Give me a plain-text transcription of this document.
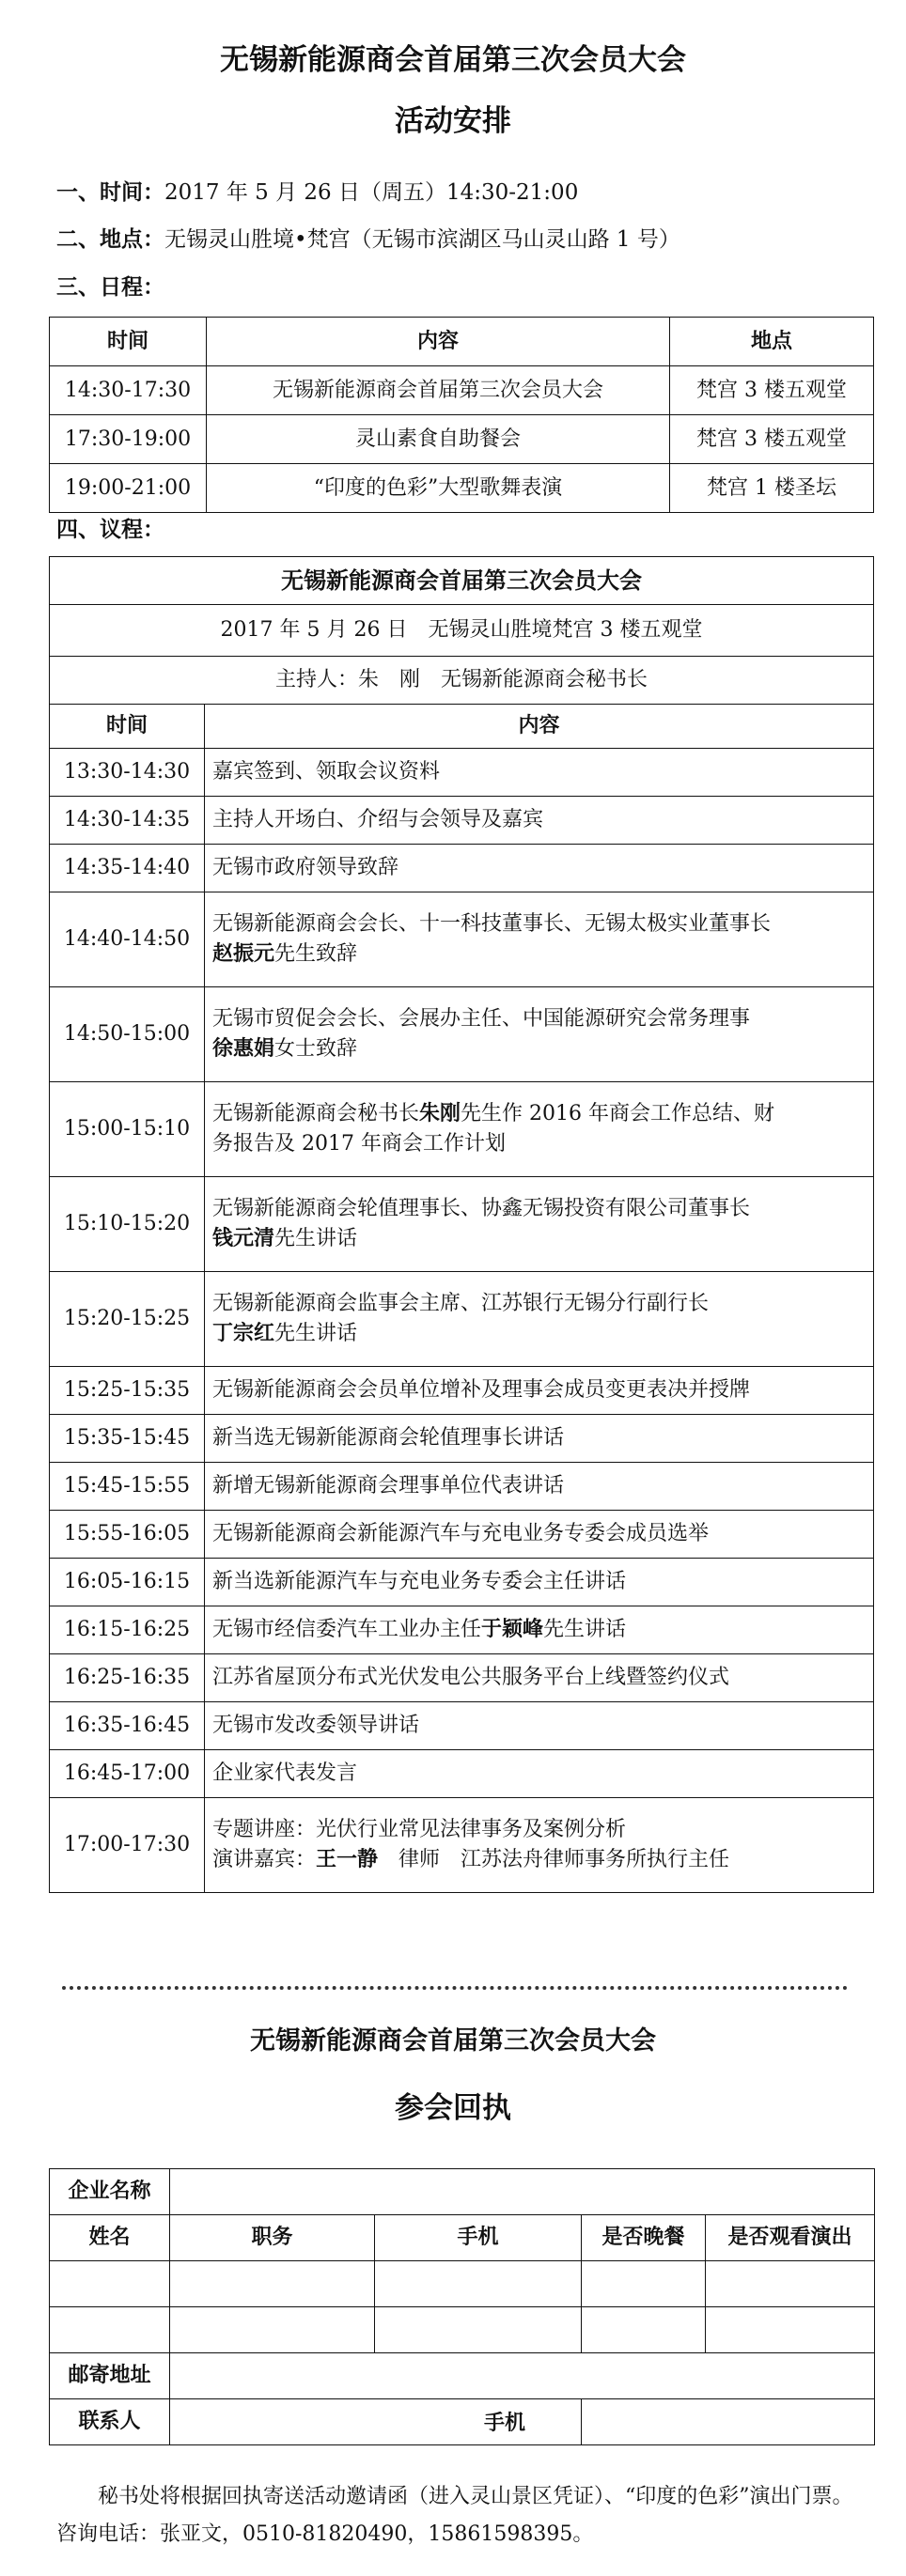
无锡新能源商会首届第三次会员大会
活动安排
一、时间：2017 年 5 月 26 日（周五）14:30-21:00
二、地点：无锡灵山胜境•梵宫（无锡市滨湖区马山灵山路 1 号）
三、日程：
时间	内容	地点
14:30-17:30	无锡新能源商会首届第三次会员大会	梵宫 3 楼五观堂
17:30-19:00	灵山素食自助餐会	梵宫 3 楼五观堂
19:00-21:00	“印度的色彩”大型歌舞表演	梵宫 1 楼圣坛
四、议程：
无锡新能源商会首届第三次会员大会	
2017 年 5 月 26 日　无锡灵山胜境梵宫 3 楼五观堂	
主持人：朱　刚　无锡新能源商会秘书长	
时间	内容
13:30-14:30	嘉宾签到、领取会议资料
14:30-14:35	主持人开场白、介绍与会领导及嘉宾
14:35-14:40	无锡市政府领导致辞
14:40-14:50	无锡新能源商会会长、十一科技董事长、无锡太极实业董事长
赵振元先生致辞
14:50-15:00	无锡市贸促会会长、会展办主任、中国能源研究会常务理事
徐惠娟女士致辞
15:00-15:10	无锡新能源商会秘书长朱刚先生作 2016 年商会工作总结、财
务报告及 2017 年商会工作计划
15:10-15:20	无锡新能源商会轮值理事长、协鑫无锡投资有限公司董事长
钱元清先生讲话
15:20-15:25	无锡新能源商会监事会主席、江苏银行无锡分行副行长
丁宗红先生讲话
15:25-15:35	无锡新能源商会会员单位增补及理事会成员变更表决并授牌
15:35-15:45	新当选无锡新能源商会轮值理事长讲话
15:45-15:55	新增无锡新能源商会理事单位代表讲话
15:55-16:05	无锡新能源商会新能源汽车与充电业务专委会成员选举
16:05-16:15	新当选新能源汽车与充电业务专委会主任讲话
16:15-16:25	无锡市经信委汽车工业办主任于颖峰先生讲话
16:25-16:35	江苏省屋顶分布式光伏发电公共服务平台上线暨签约仪式
16:35-16:45	无锡市发改委领导讲话
16:45-17:00	企业家代表发言
17:00-17:30	专题讲座：光伏行业常见法律事务及案例分析
演讲嘉宾：王一静　律师　江苏法舟律师事务所执行主任
无锡新能源商会首届第三次会员大会
参会回执
企业名称				
姓名	职务	手机	是否晚餐	是否观看演出

邮寄地址				
联系人	手机			

秘书处将根据回执寄送活动邀请函（进入灵山景区凭证）、“印度的色彩”演出门票。咨询电话：张亚文，0510-81820490，15861598395。
